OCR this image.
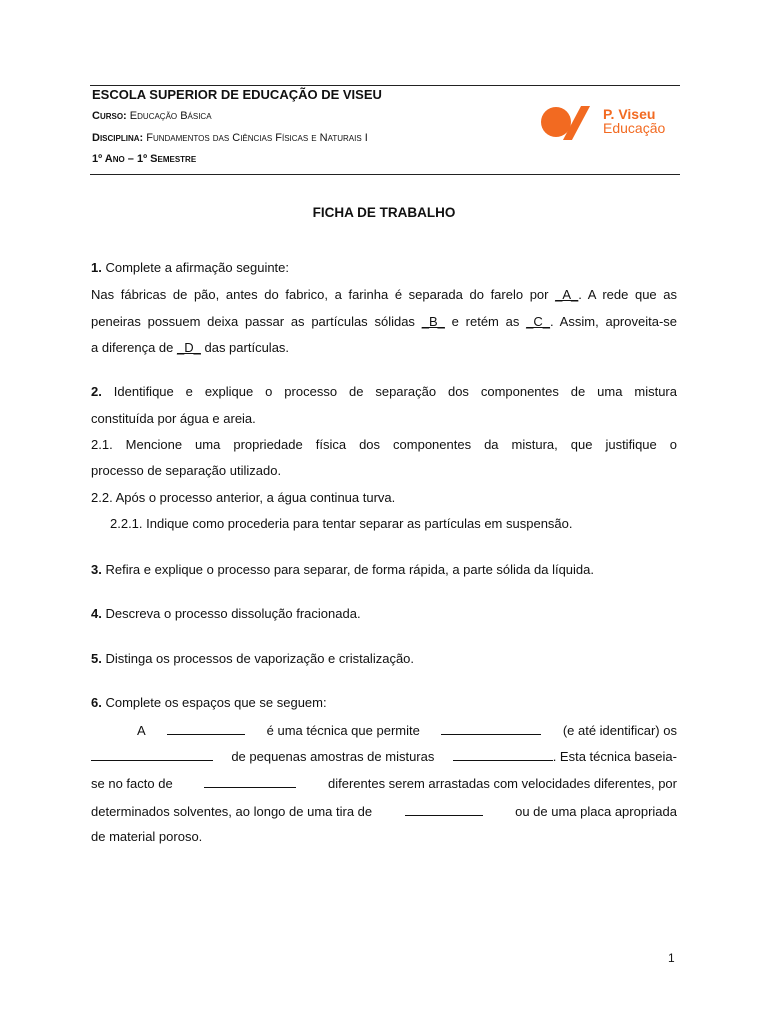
ESCOLA SUPERIOR DE EDUCAÇÃO DE VISEU
Curso: Educação Básica
Disciplina: Fundamentos das Ciências Físicas e Naturais I
1º Ano – 1º Semestre
P. Viseu
Educação
FICHA DE TRABALHO
1. Complete a afirmação seguinte:
Nas fábricas de pão, antes do fabrico, a farinha é separada do farelo por _A_. A rede que as
peneiras possuem deixa passar as partículas sólidas _B_ e retém as _C_. Assim, aproveita-se
a diferença de _D_ das partículas.
2. Identifique e explique o processo de separação dos componentes de uma mistura
constituída por água e areia.
2.1. Mencione uma propriedade física dos componentes da mistura, que justifique o
processo de separação utilizado.
2.2. Após o processo anterior, a água continua turva.
2.2.1. Indique como procederia para tentar separar as partículas em suspensão.
3. Refira e explique o processo para separar, de forma rápida, a parte sólida da líquida.
4. Descreva o processo dissolução fracionada.
5. Distinga os processos de vaporização e cristalização.
6. Complete os espaços que se seguem:
A	é uma técnica que permite	(e até identificar) os
de pequenas amostras de misturas	. Esta técnica baseia-
se no facto de	diferentes serem arrastadas com velocidades diferentes, por
determinados solventes, ao longo de uma tira de	ou de uma placa apropriada
de material poroso.
1
